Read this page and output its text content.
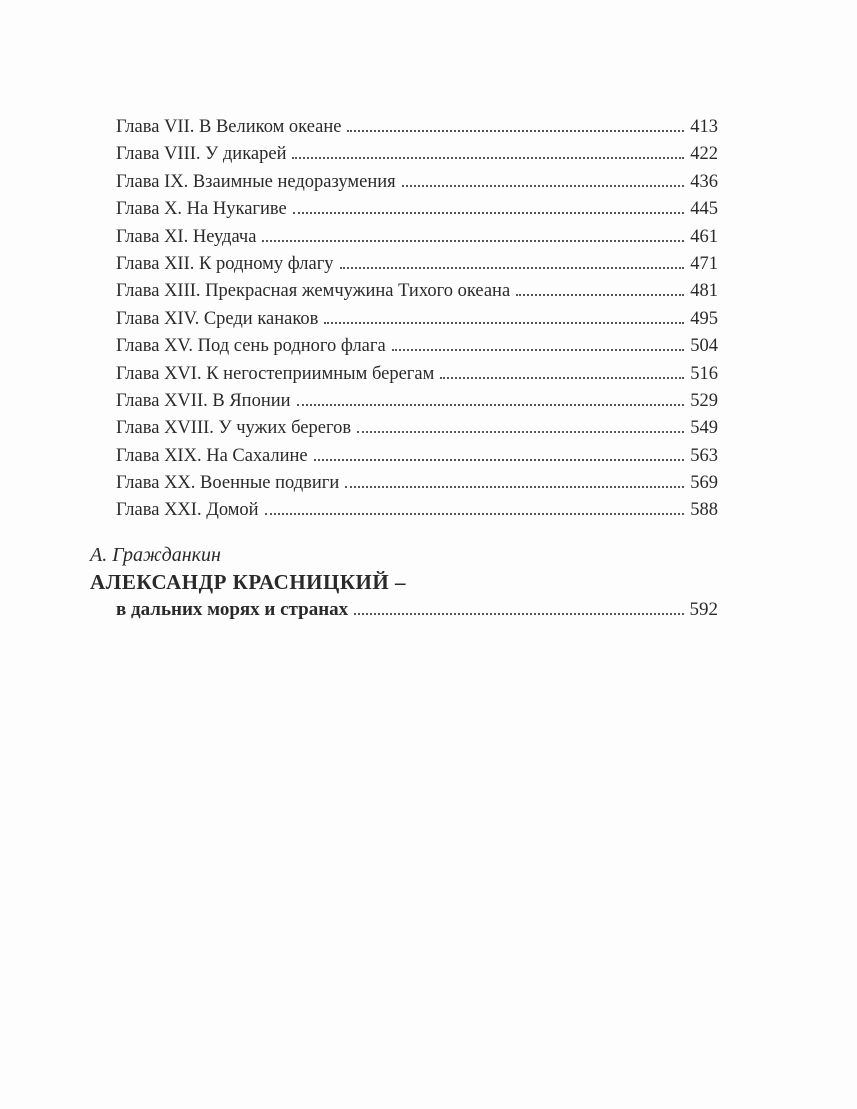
Глава VII. В Великом океане	413
Глава VIII. У дикарей	422
Глава IX. Взаимные недоразумения	436
Глава X. На Нукагиве	445
Глава XI. Неудача	461
Глава XII. К родному флагу	471
Глава XIII. Прекрасная жемчужина Тихого океана	481
Глава XIV. Среди канаков	495
Глава XV. Под сень родного флага	504
Глава XVI. К негостеприимным берегам	516
Глава XVII. В Японии	529
Глава XVIII. У чужих берегов	549
Глава XIX. На Сахалине	563
Глава XX. Военные подвиги	569
Глава XXI. Домой	588
А. Гражданкин
АЛЕКСАНДР КРАСНИЦКИЙ –
в дальних морях и странах	592
